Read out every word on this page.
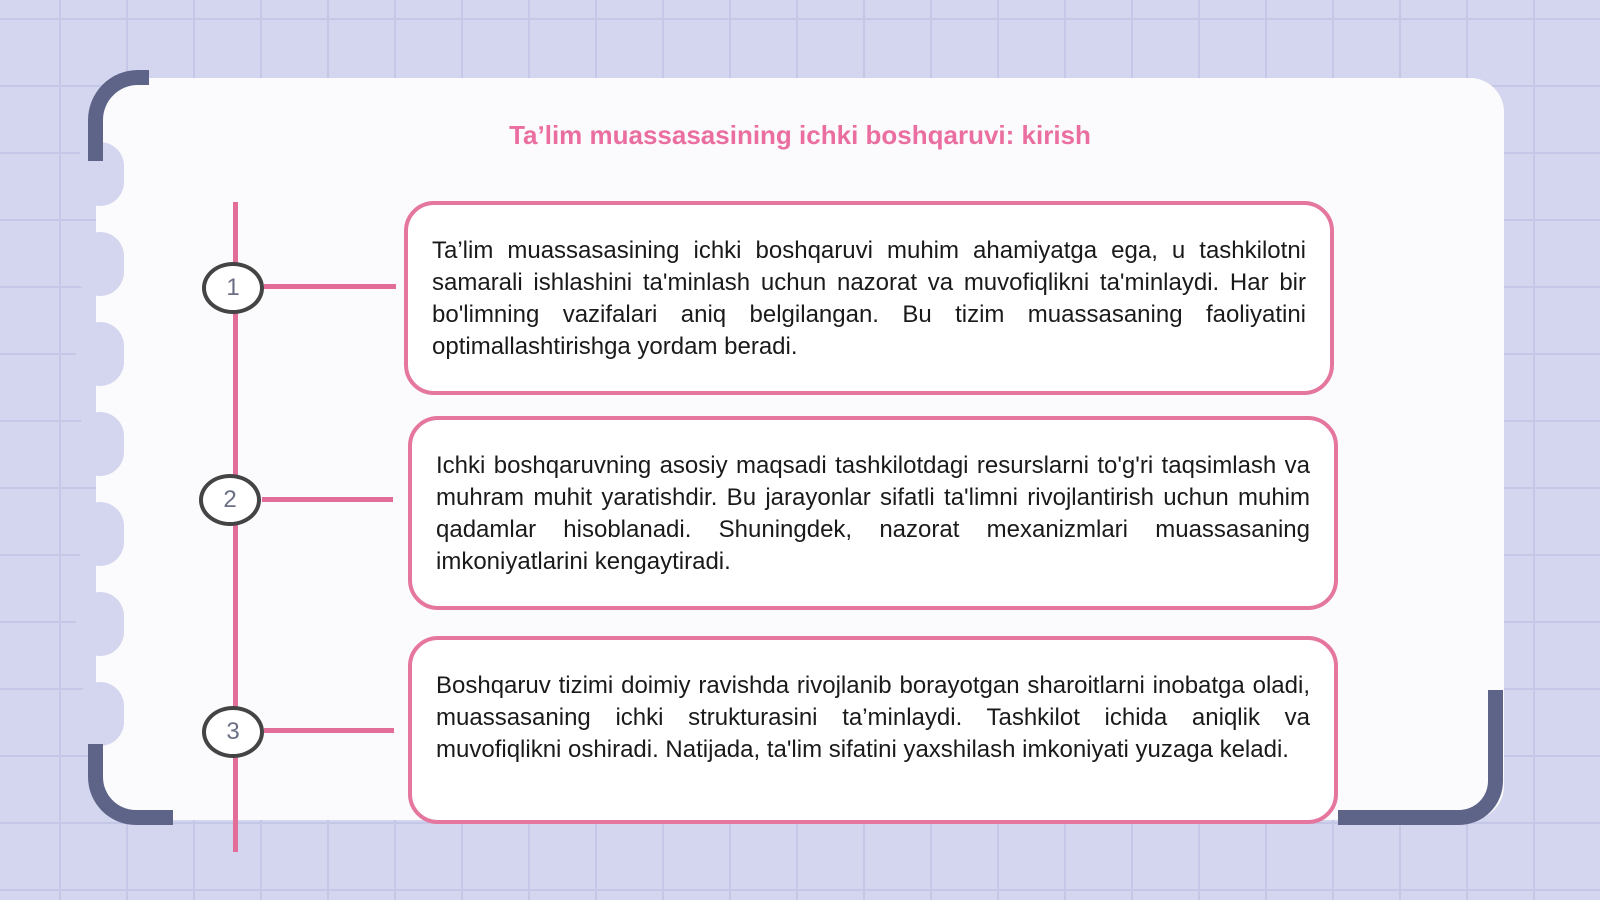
Taʼlim muassasasining ichki boshqaruvi: kirish
1
2
3
Ta’lim muassasasining ichki boshqaruvi muhim ahamiyatga ega, u tashkilotni samarali ishlashini ta'minlash uchun nazorat va muvofiqlikni ta'minlaydi. Har bir bo'limning vazifalari aniq belgilangan. Bu tizim muassasaning faoliyatini optimallashtirishga yordam beradi.
Ichki boshqaruvning asosiy maqsadi tashkilotdagi resurslarni to'g'ri taqsimlash va muhram muhit yaratishdir. Bu jarayonlar sifatli ta'limni rivojlantirish uchun muhim qadamlar hisoblanadi. Shuningdek, nazorat mexanizmlari muassasaning imkoniyatlarini kengaytiradi.
Boshqaruv tizimi doimiy ravishda rivojlanib borayotgan sharoitlarni inobatga oladi, muassasaning ichki strukturasini ta’minlaydi. Tashkilot ichida aniqlik va muvofiqlikni oshiradi. Natijada, ta'lim sifatini yaxshilash imkoniyati yuzaga keladi.
